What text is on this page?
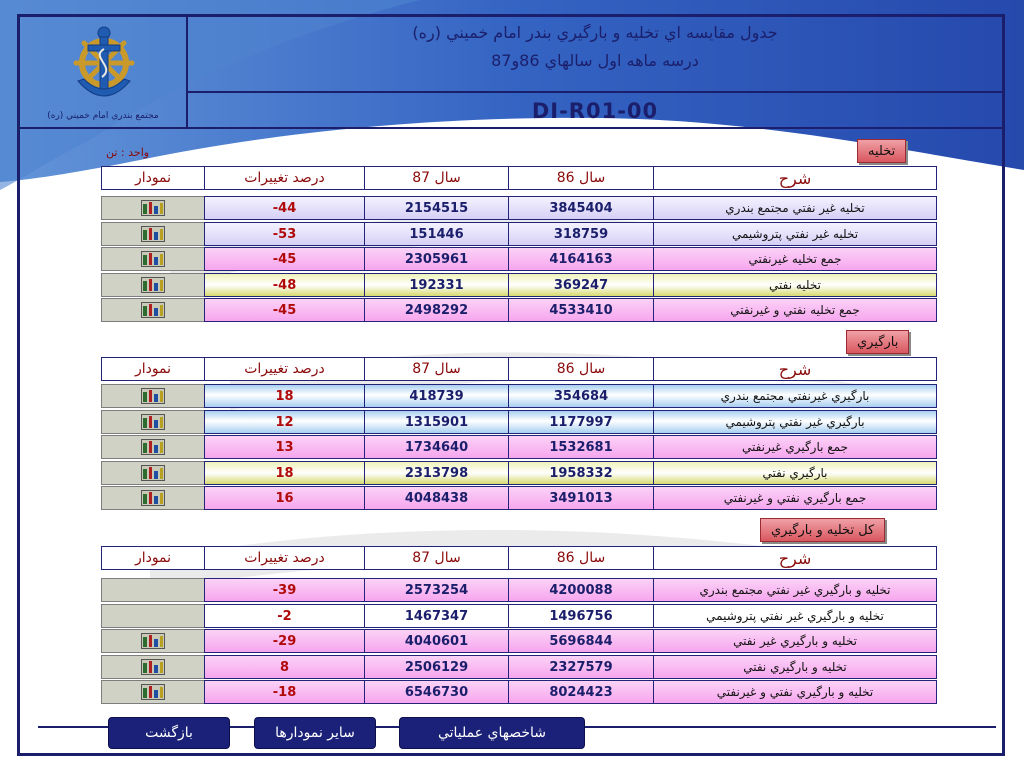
مجتمع بندري امام خميني (ره)
جدول مقايسه اي تخليه و بارگيري بندر امام خميني (ره)
درسه ماهه اول سالهاي 86و87
DI-R01-00
واحد : تن	تخليه
بارگيري
کل تخليه و بارگيري
نمودار	درصد تغييرات	سال 87	سال 86	شرح
-44	2154515	3845404	تخليه غير نفتي مجتمع بندري
-53	151446	318759	تخليه غير نفتي پتروشيمي
-45	2305961	4164163	جمع تخليه غيرنفتي
-48	192331	369247	تخليه نفتي
-45	2498292	4533410	جمع تخليه نفتي و غيرنفتي
نمودار	درصد تغييرات	سال 87	سال 86	شرح
18	418739	354684	بارگيري غيرنفتي مجتمع بندري
12	1315901	1177997	بارگيري غير نفتي پتروشيمي
13	1734640	1532681	جمع بارگيري غيرنفتي
18	2313798	1958332	بارگيري نفتي
16	4048438	3491013	جمع بارگيري نفتي و غيرنفتي
نمودار	درصد تغييرات	سال 87	سال 86	شرح
-39	2573254	4200088	تخليه و بارگيري غير نفتي مجتمع بندري
-2	1467347	1496756	تخليه و بارگيري غير نفتي پتروشيمي
-29	4040601	5696844	تخليه و بارگيري غير نفتي
8	2506129	2327579	تخليه و بارگيري نفتي
-18	6546730	8024423	تخليه و بارگيري نفتي و غيرنفتي
بازگشت	ساير نمودارها	شاخصهاي عملياتي
